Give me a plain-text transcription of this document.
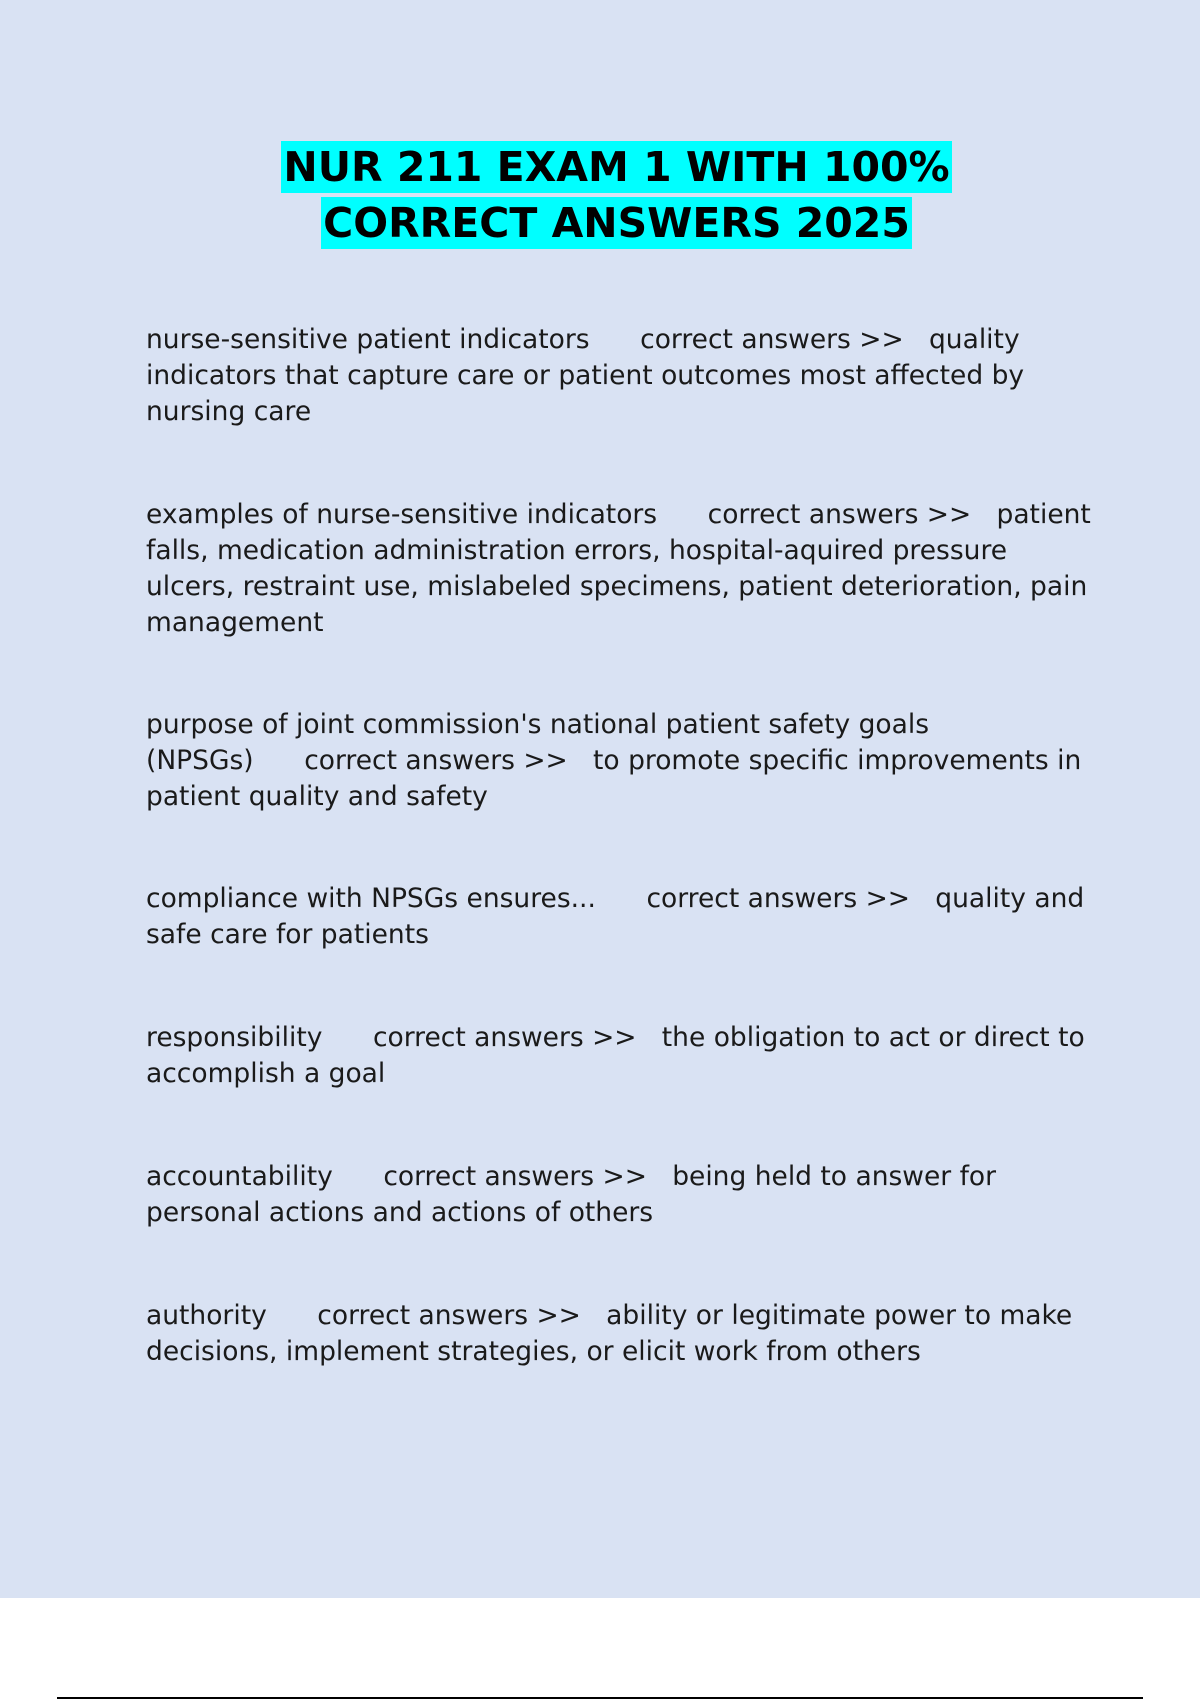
NUR 211 EXAM 1 WITH 100%
CORRECT ANSWERS 2025

nurse-sensitive patient indicators      correct answers >>   quality indicators that capture care or patient outcomes most affected by nursing care

examples of nurse-sensitive indicators      correct answers >>   patient falls, medication administration errors, hospital-aquired pressure ulcers, restraint use, mislabeled specimens, patient deterioration, pain management

purpose of joint commission's national patient safety goals (NPSGs)      correct answers >>   to promote specific improvements in patient quality and safety

compliance with NPSGs ensures...      correct answers >>   quality and safe care for patients

responsibility      correct answers >>   the obligation to act or direct to accomplish a goal

accountability      correct answers >>   being held to answer for personal actions and actions of others

authority      correct answers >>   ability or legitimate power to make decisions, implement strategies, or elicit work from others
